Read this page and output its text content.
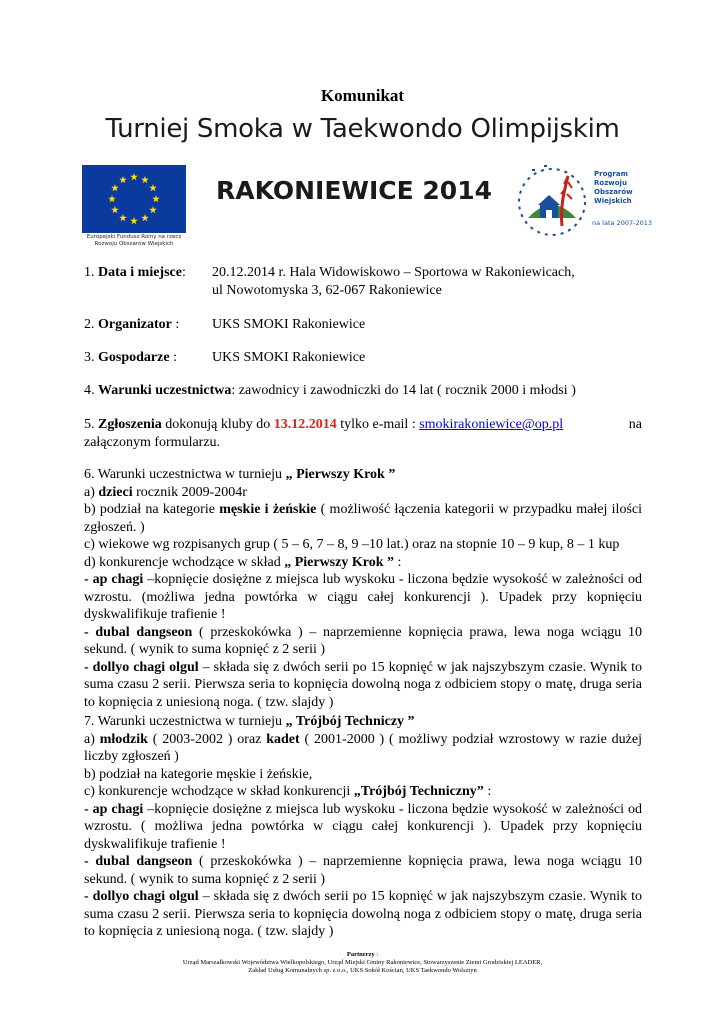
Komunikat
Turniej Smoka w Taekwondo Olimpijskim
Europejski Fundusz Rolny na rzecz
Rozwoju Obszarów Wiejskich
RAKONIEWICE 2014
Program
Rozwoju
Obszarów
Wiejskich
na lata 2007-2013
1. Data i miejsce: 20.12.2014 r. Hala Widowiskowo – Sportowa w Rakoniewicach,
ul Nowotomyska 3, 62-067 Rakoniewice
2. Organizator : UKS SMOKI Rakoniewice
3. Gospodarze :	UKS SMOKI Rakoniewice
4. Warunki uczestnictwa: zawodnicy i zawodniczki do 14 lat ( rocznik 2000 i młodsi )
5. Zgłoszenia dokonują kluby do 13.12.2014 tylko e-mail : smokirakoniewice@op.pl	na
załączonym formularzu.
6. Warunki uczestnictwa w turnieju „ Pierwszy Krok ”
a) dzieci rocznik 2009-2004r
b) podział na kategorie męskie i żeńskie ( możliwość łączenia kategorii w przypadku małej ilości zgłoszeń. )
c) wiekowe wg rozpisanych grup ( 5 – 6, 7 – 8, 9 –10 lat.) oraz na stopnie 10 – 9 kup, 8 – 1 kup
d) konkurencje wchodzące w skład „ Pierwszy Krok ” :
- ap chagi –kopnięcie dosiężne z miejsca lub wyskoku - liczona będzie wysokość w zależności od wzrostu. (możliwa jedna powtórka w ciągu całej konkurencji ). Upadek przy kopnięciu dyskwalifikuje trafienie !
- dubal dangseon ( przeskokówka ) – naprzemienne kopnięcia prawa, lewa noga wciągu 10 sekund. ( wynik to suma kopnięć z 2 serii )
- dollyo chagi olgul – składa się z dwóch serii po 15 kopnięć w jak najszybszym czasie. Wynik to suma czasu 2 serii. Pierwsza seria to kopnięcia dowolną noga z odbiciem stopy o matę, druga seria to kopnięcia z uniesioną noga. ( tzw. slajdy )
7. Warunki uczestnictwa w turnieju „ Trójbój Techniczy ”
a) młodzik ( 2003-2002 ) oraz kadet ( 2001-2000 ) ( możliwy podział wzrostowy w razie dużej liczby zgłoszeń )
b) podział na kategorie męskie i żeńskie,
c) konkurencje wchodzące w skład konkurencji „Trójbój Techniczny” :
- ap chagi –kopnięcie dosiężne z miejsca lub wyskoku - liczona będzie wysokość w zależności od wzrostu. ( możliwa jedna powtórka w ciągu całej konkurencji ). Upadek przy kopnięciu dyskwalifikuje trafienie !
- dubal dangseon ( przeskokówka ) – naprzemienne kopnięcia prawa, lewa noga wciągu 10 sekund. ( wynik to suma kopnięć z 2 serii )
- dollyo chagi olgul – składa się z dwóch serii po 15 kopnięć w jak najszybszym czasie. Wynik to suma czasu 2 serii. Pierwsza seria to kopnięcia dowolną noga z odbiciem stopy o matę, druga seria to kopnięcia z uniesioną noga. ( tzw. slajdy )
Partnerzy :
Urząd Marszałkowski Województwa Wielkopolskiego, Urząd Miejski Gminy Rakoniewice, Stowarzyszenie Ziemi Grodziskiej LEADER,
Zakład Usług Komunalnych sp. z o.o., UKS Sokół Kościan, UKS Taekwondo Wolsztyn
